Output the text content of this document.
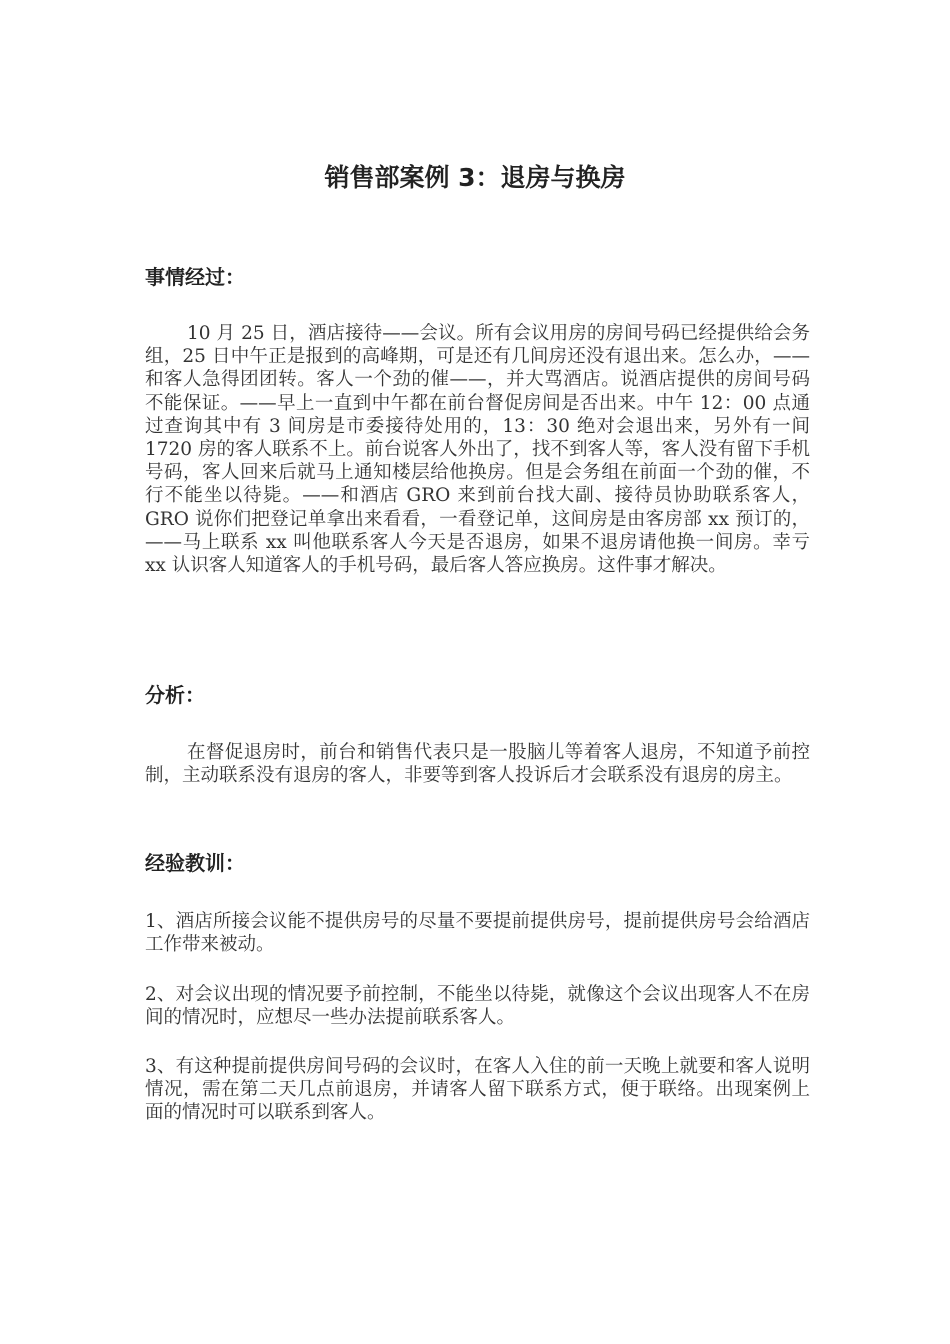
销售部案例 3：退房与换房
事情经过：

10 月 25 日，酒店接待——会议。所有会议用房的房间号码已经提供给会务组，25 日中午正是报到的高峰期，可是还有几间房还没有退出来。怎么办，——和客人急得团团转。客人一个劲的催——，并大骂酒店。说酒店提供的房间号码不能保证。——早上一直到中午都在前台督促房间是否出来。中午 12：00 点通过查询其中有 3 间房是市委接待处用的，13：30 绝对会退出来，另外有一间 1720 房的客人联系不上。前台说客人外出了，找不到客人等，客人没有留下手机号码，客人回来后就马上通知楼层给他换房。但是会务组在前面一个劲的催，不行不能坐以待毙。——和酒店 GRO 来到前台找大副、接待员协助联系客人，GRO 说你们把登记单拿出来看看，一看登记单，这间房是由客房部 xx 预订的，——马上联系 xx 叫他联系客人今天是否退房，如果不退房请他换一间房。幸亏 xx 认识客人知道客人的手机号码，最后客人答应换房。这件事才解决。

分析：

在督促退房时，前台和销售代表只是一股脑儿等着客人退房，不知道予前控制，主动联系没有退房的客人，非要等到客人投诉后才会联系没有退房的房主。

经验教训：

1、酒店所接会议能不提供房号的尽量不要提前提供房号，提前提供房号会给酒店工作带来被动。

2、对会议出现的情况要予前控制，不能坐以待毙，就像这个会议出现客人不在房间的情况时，应想尽一些办法提前联系客人。

3、有这种提前提供房间号码的会议时，在客人入住的前一天晚上就要和客人说明情况，需在第二天几点前退房，并请客人留下联系方式，便于联络。出现案例上面的情况时可以联系到客人。
